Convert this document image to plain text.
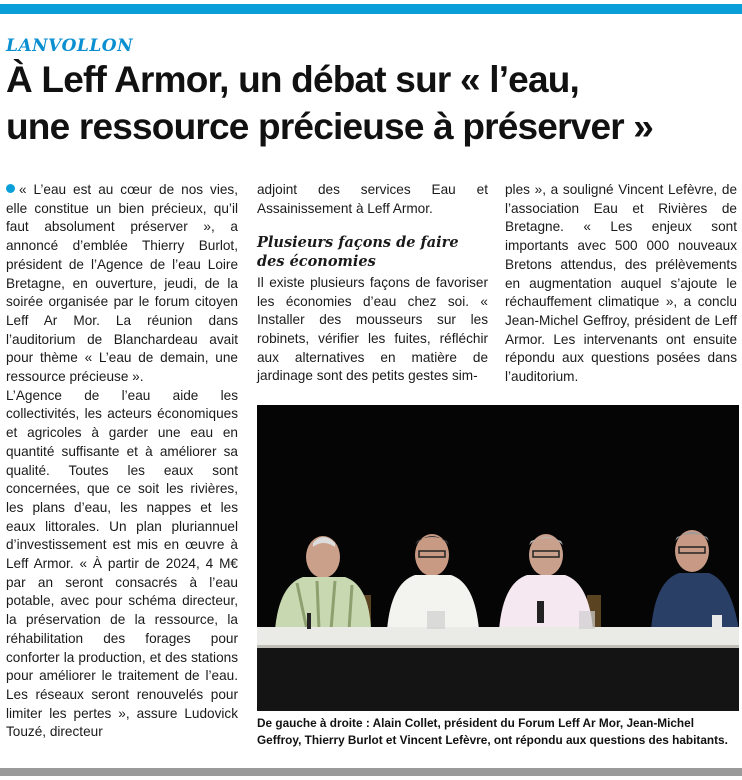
LANVOLLON
À Leff Armor, un débat sur « l’eau,
une ressource précieuse à préserver »

« L’eau est au cœur de nos vies, elle constitue un bien précieux, qu’il faut absolument préserver », a annoncé d’emblée Thierry Burlot, président de l’Agence de l’eau Loire Bretagne, en ouverture, jeudi, de la soirée organisée par le forum citoyen Leff Ar Mor. La réunion dans l’auditorium de Blanchardeau avait pour thème « L’eau de demain, une ressource précieuse ».

L’Agence de l’eau aide les collectivités, les acteurs économiques et agricoles à garder une eau en quantité suffisante et à améliorer sa qualité. Toutes les eaux sont concernées, que ce soit les rivières, les plans d’eau, les nappes et les eaux littorales. Un plan pluriannuel d’investissement est mis en œuvre à Leff Armor. « À partir de 2024, 4 M€ par an seront consacrés à l’eau potable, avec pour schéma directeur, la préservation de la ressource, la réhabilitation des forages pour conforter la production, et des stations pour améliorer le traitement de l’eau. Les réseaux seront renouvelés pour limiter les pertes », assure Ludovick Touzé, directeur

adjoint des services Eau et Assainissement à Leff Armor.

Plusieurs façons de faire des économies

Il existe plusieurs façons de favoriser les économies d’eau chez soi. « Installer des mousseurs sur les robinets, vérifier les fuites, réfléchir aux alternatives en matière de jardinage sont des petits gestes sim-

ples », a souligné Vincent Lefèvre, de l’association Eau et Rivières de Bretagne. « Les enjeux sont importants avec 500 000 nouveaux Bretons attendus, des prélèvements en augmentation auquel s’ajoute le réchauffement climatique », a conclu Jean-Michel Geffroy, président de Leff Armor. Les intervenants ont ensuite répondu aux questions posées dans l’auditorium.

De gauche à droite : Alain Collet, président du Forum Leff Ar Mor, Jean-Michel Geffroy, Thierry Burlot et Vincent Lefèvre, ont répondu aux questions des habitants.
